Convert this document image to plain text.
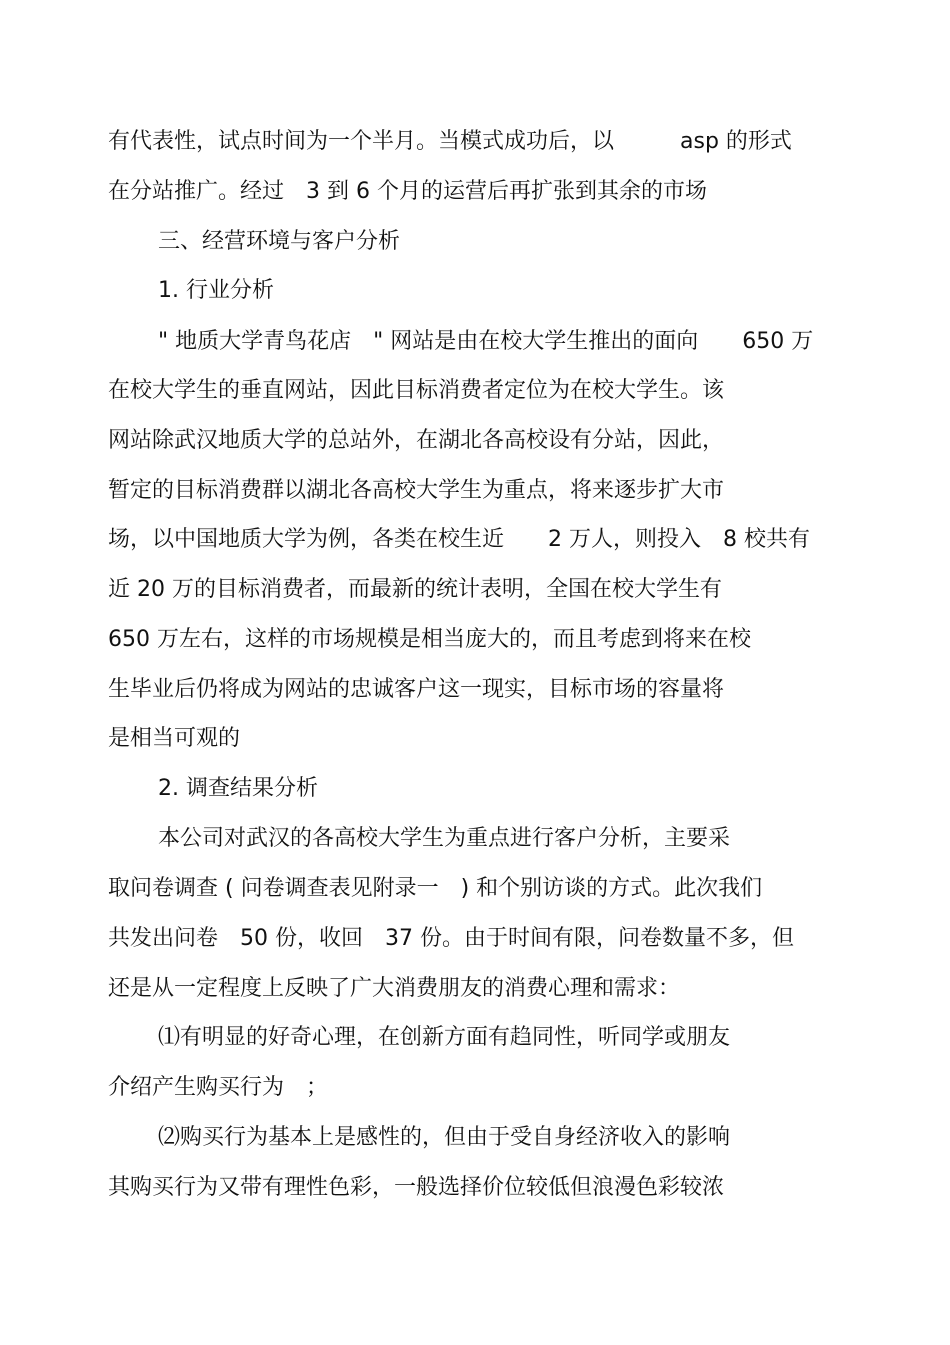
有代表性，试点时间为一个半月。当模式成功后，以　　　asp 的形式
在分站推广。经过　3 到 6 个月的运营后再扩张到其余的市场
三、经营环境与客户分析
1. 行业分析
" 地质大学青鸟花店　" 网站是由在校大学生推出的面向　　650 万
在校大学生的垂直网站，因此目标消费者定位为在校大学生。该
网站除武汉地质大学的总站外，在湖北各高校设有分站，因此，
暂定的目标消费群以湖北各高校大学生为重点，将来逐步扩大市
场，以中国地质大学为例，各类在校生近　　2 万人，则投入　8 校共有
近 20 万的目标消费者，而最新的统计表明，全国在校大学生有
650 万左右，这样的市场规模是相当庞大的，而且考虑到将来在校
生毕业后仍将成为网站的忠诚客户这一现实，目标市场的容量将
是相当可观的
2. 调查结果分析
本公司对武汉的各高校大学生为重点进行客户分析，主要采
取问卷调查 ( 问卷调查表见附录一　) 和个别访谈的方式。此次我们
共发出问卷　50 份，收回　37 份。由于时间有限，问卷数量不多，但
还是从一定程度上反映了广大消费朋友的消费心理和需求：
⑴有明显的好奇心理，在创新方面有趋同性，听同学或朋友
介绍产生购买行为　；
⑵购买行为基本上是感性的，但由于受自身经济收入的影响
其购买行为又带有理性色彩，一般选择价位较低但浪漫色彩较浓
